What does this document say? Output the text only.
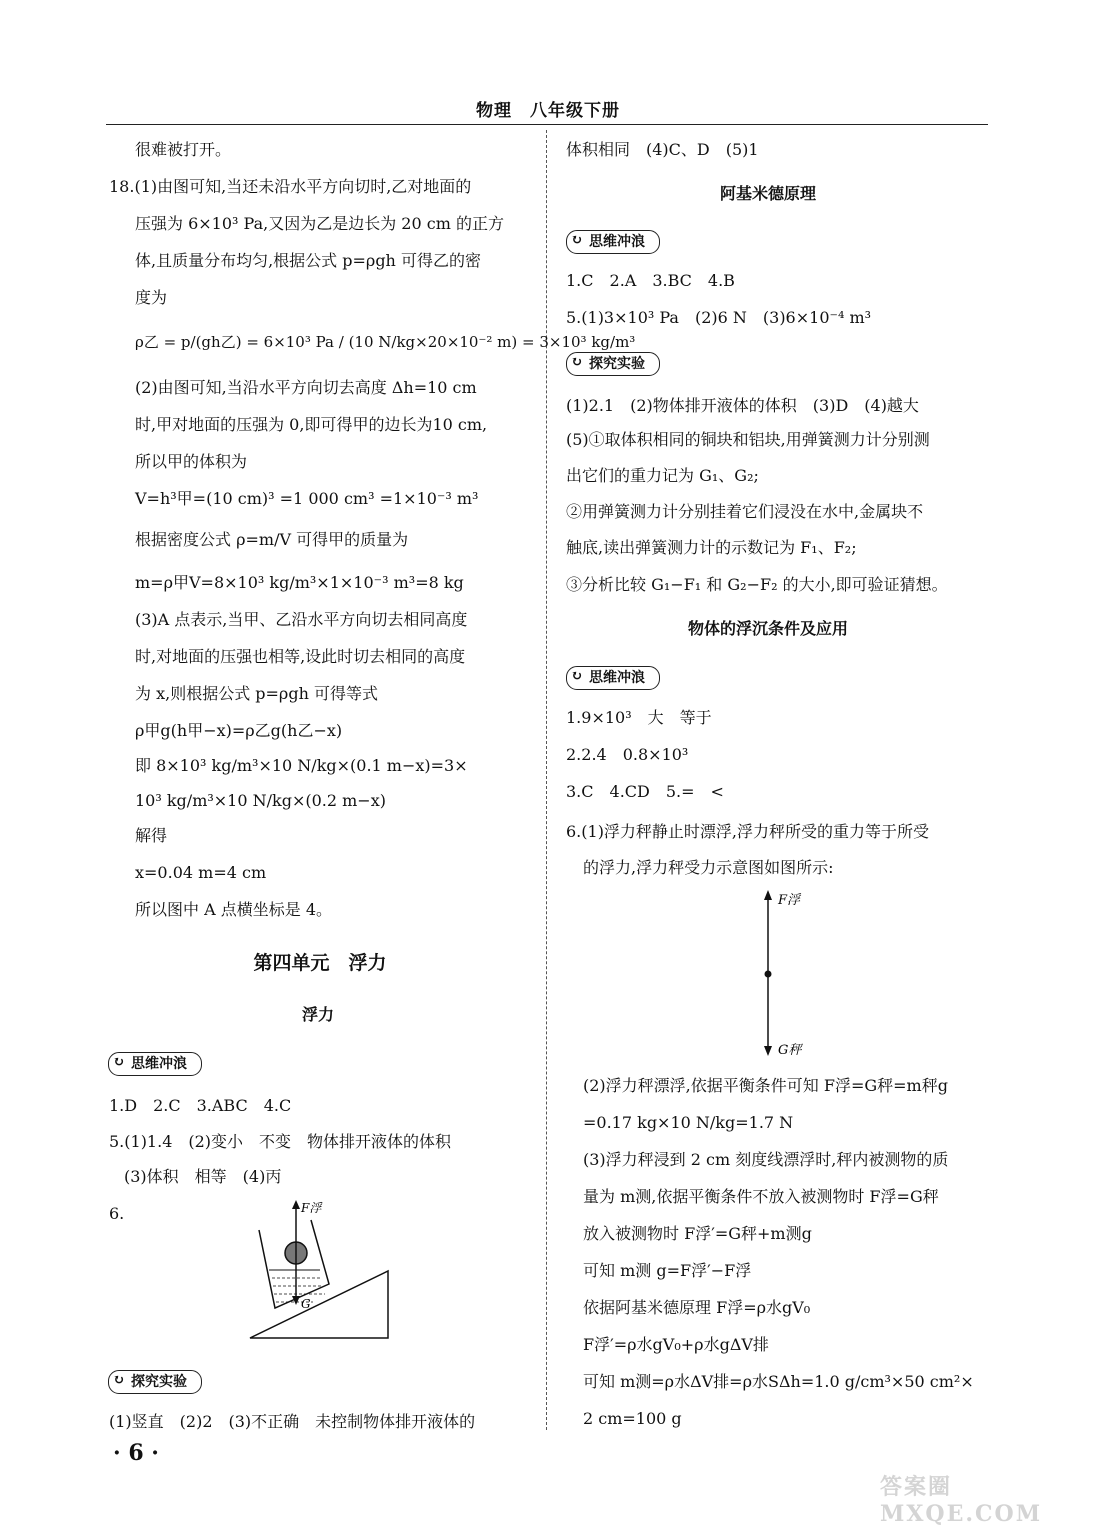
物理　八年级下册
很难被打开。
18.(1)由图可知,当还未沿水平方向切时,乙对地面的
压强为 6×10³ Pa,又因为乙是边长为 20 cm 的正方
体,且质量分布均匀,根据公式 p=ρgh 可得乙的密
度为
ρ乙 = p/(gh乙) = 6×10³ Pa / (10 N/kg×20×10⁻² m) = 3×10³ kg/m³
(2)由图可知,当沿水平方向切去高度 Δh=10 cm
时,甲对地面的压强为 0,即可得甲的边长为10 cm,
所以甲的体积为
V=h³甲=(10 cm)³ =1 000 cm³ =1×10⁻³ m³
根据密度公式 ρ=m/V 可得甲的质量为
m=ρ甲V=8×10³ kg/m³×1×10⁻³ m³=8 kg
(3)A 点表示,当甲、乙沿水平方向切去相同高度
时,对地面的压强也相等,设此时切去相同的高度
为 x,则根据公式 p=ρgh 可得等式
ρ甲g(h甲−x)=ρ乙g(h乙−x)
即 8×10³ kg/m³×10 N/kg×(0.1 m−x)=3×
10³ kg/m³×10 N/kg×(0.2 m−x)
解得
x=0.04 m=4 cm
所以图中 A 点横坐标是 4。
第四单元　浮力
浮力
↻ 思维冲浪
1.D　2.C　3.ABC　4.C
5.(1)1.4　(2)变小　不变　物体排开液体的体积
(3)体积　相等　(4)丙
6.	F浮
G
↻ 探究实验
(1)竖直　(2)2　(3)不正确　未控制物体排开液体的
· 6 ·
体积相同　(4)C、D　(5)1
阿基米德原理
↻ 思维冲浪
1.C　2.A　3.BC　4.B
5.(1)3×10³ Pa　(2)6 N　(3)6×10⁻⁴ m³
↻ 探究实验
(1)2.1　(2)物体排开液体的体积　(3)D　(4)越大
(5)①取体积相同的铜块和铝块,用弹簧测力计分别测
出它们的重力记为 G₁、G₂;
②用弹簧测力计分别挂着它们浸没在水中,金属块不
触底,读出弹簧测力计的示数记为 F₁、F₂;
③分析比较 G₁−F₁ 和 G₂−F₂ 的大小,即可验证猜想。
物体的浮沉条件及应用
↻ 思维冲浪
1.9×10³　大　等于
2.2.4　0.8×10³
3.C　4.CD　5.=　<
6.(1)浮力秤静止时漂浮,浮力秤所受的重力等于所受
的浮力,浮力秤受力示意图如图所示:
F浮
G秤
(2)浮力秤漂浮,依据平衡条件可知 F浮=G秤=m秤g
=0.17 kg×10 N/kg=1.7 N
(3)浮力秤浸到 2 cm 刻度线漂浮时,秤内被测物的质
量为 m测,依据平衡条件不放入被测物时 F浮=G秤
放入被测物时 F浮′=G秤+m测g
可知 m测 g=F浮′−F浮
依据阿基米德原理 F浮=ρ水gV₀
F浮′=ρ水gV₀+ρ水gΔV排
可知 m测=ρ水ΔV排=ρ水SΔh=1.0 g/cm³×50 cm²×
2 cm=100 g
答案圈 MXQE.COM
